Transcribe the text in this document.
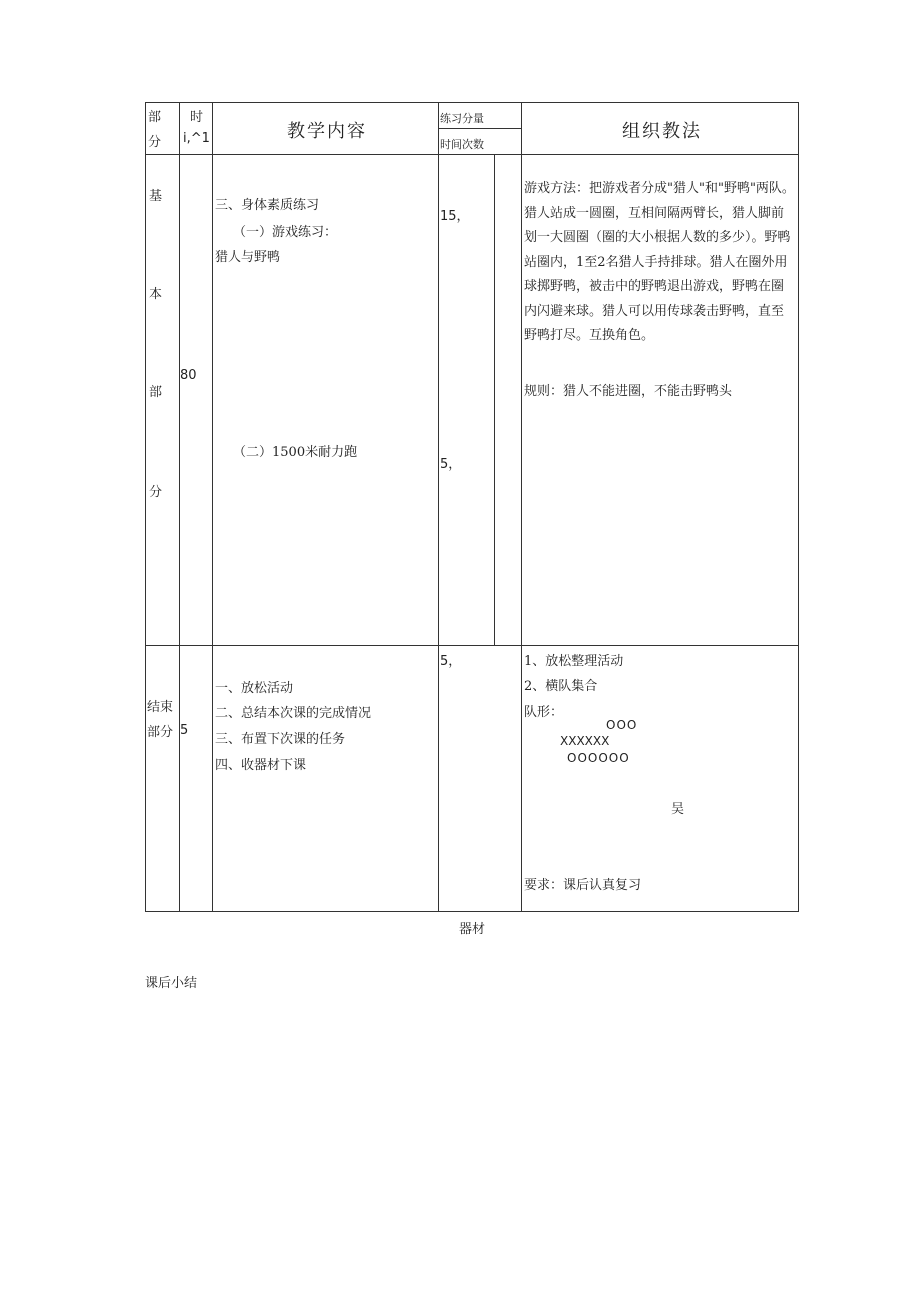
部
分
时
i,^1	教学内容
练习分量
时间次数
组织教法
基
本
部
分
80
三、身体素质练习
（一）游戏练习：
猎人与野鸭
（二）1500米耐力跑
15，
5，
游戏方法：把游戏者分成"猎人"和"野鸭"两队。猎人站成一圆圈，互相间隔两臂长，猎人脚前划一大圆圈（圈的大小根据人数的多少）。野鸭站圈内，1至2名猎人手持排球。猎人在圈外用球掷野鸭，被击中的野鸭退出游戏，野鸭在圈内闪避来球。猎人可以用传球袭击野鸭，直至野鸭打尽。互换角色。
规则：猎人不能进圈，不能击野鸭头
结束
部分 5
一、放松活动
二、总结本次课的完成情况
三、布置下次课的任务
四、收器材下课
5，	1、放松整理活动
2、横队集合
队形：
OOO
XXXXXX
OOOOOO
吴
要求：课后认真复习
器材
课后小结
